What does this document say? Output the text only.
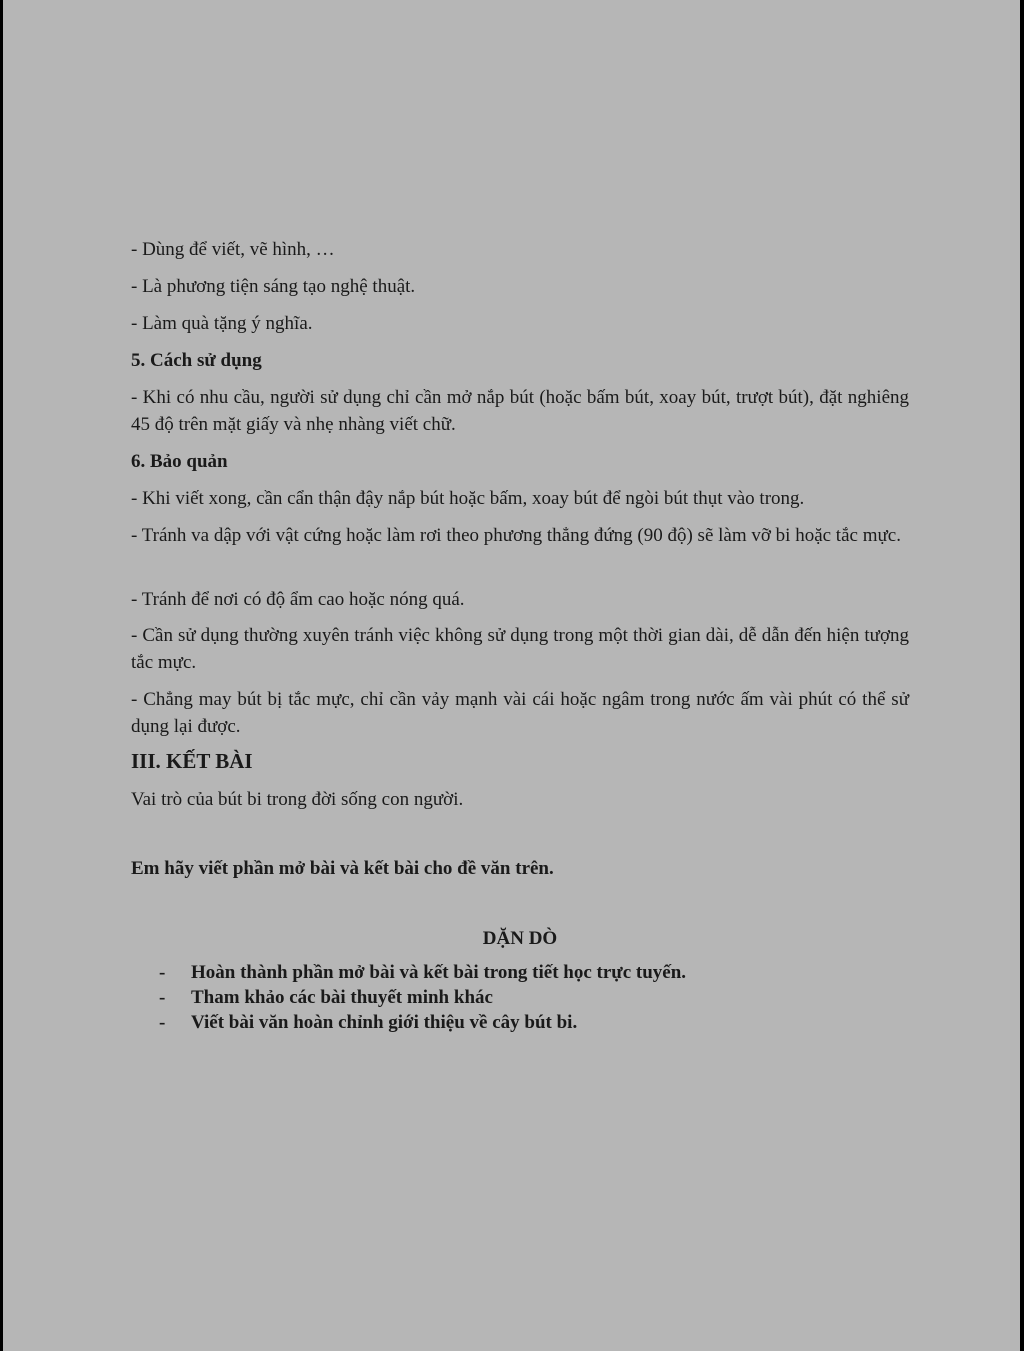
- Dùng để viết, vẽ hình, …

- Là phương tiện sáng tạo nghệ thuật.

- Làm quà tặng ý nghĩa.

5. Cách sử dụng

- Khi có nhu cầu, người sử dụng chỉ cần mở nắp bút (hoặc bấm bút, xoay bút, trượt bút), đặt nghiêng 45 độ trên mặt giấy và nhẹ nhàng viết chữ.

6. Bảo quản

- Khi viết xong, cần cẩn thận đậy nắp bút hoặc bấm, xoay bút để ngòi bút thụt vào trong.

- Tránh va dập với vật cứng hoặc làm rơi theo phương thẳng đứng (90 độ) sẽ làm vỡ bi hoặc tắc mực.

- Tránh để nơi có độ ẩm cao hoặc nóng quá.

- Cần sử dụng thường xuyên tránh việc không sử dụng trong một thời gian dài, dễ dẫn đến hiện tượng tắc mực.

- Chẳng may bút bị tắc mực, chỉ cần vảy mạnh vài cái hoặc ngâm trong nước ấm vài phút có thể sử dụng lại được.

III. KẾT BÀI

Vai trò của bút bi trong đời sống con người.

Em hãy viết phần mở bài và kết bài cho đề văn trên.
DẶN DÒ
-	Hoàn thành phần mở bài và kết bài trong tiết học trực tuyến.
-	Tham khảo các bài thuyết minh khác
-	Viết bài văn hoàn chỉnh giới thiệu về cây bút bi.
